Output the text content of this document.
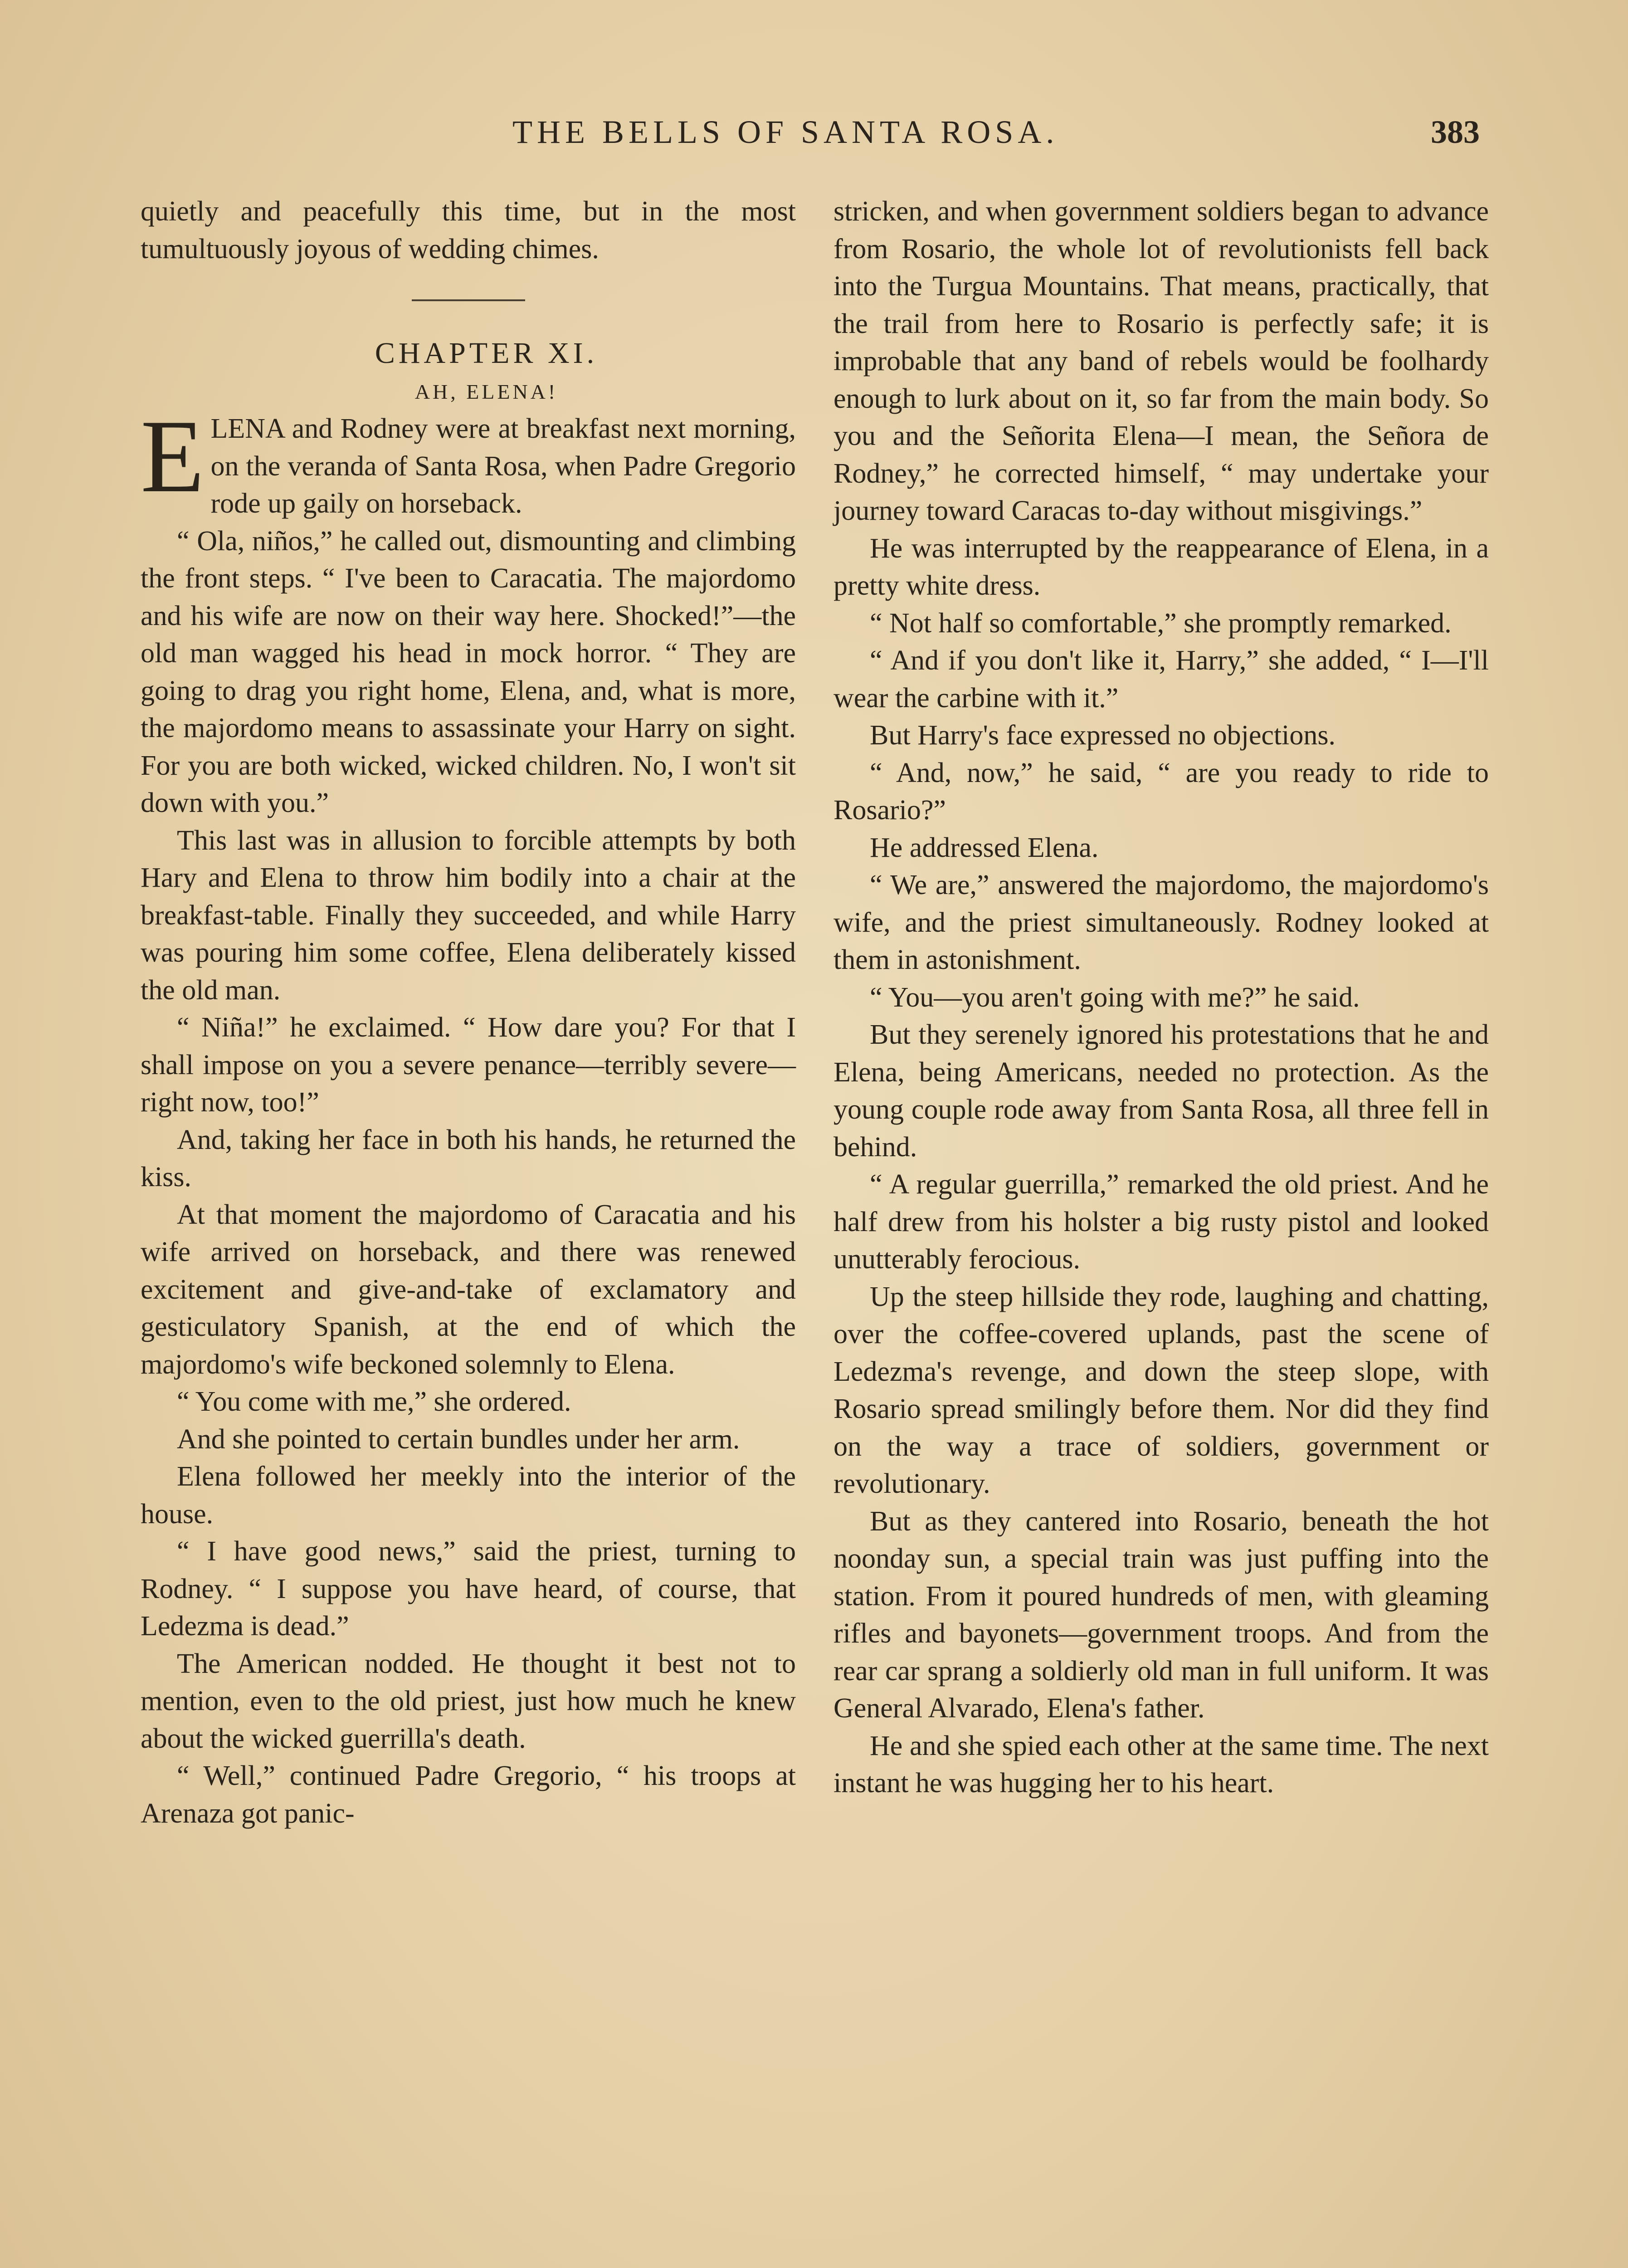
THE BELLS OF SANTA ROSA.	383

quietly and peacefully this time, but in the most tumultuously joyous of wedding chimes.

CHAPTER XI.

AH, ELENA!

ELENA and Rodney were at breakfast next morning, on the veranda of Santa Rosa, when Padre Gregorio rode up gaily on horseback.

“ Ola, niños,” he called out, dismounting and climbing the front steps. “ I've been to Caracatia. The majordomo and his wife are now on their way here. Shocked!”—the old man wagged his head in mock horror. “ They are going to drag you right home, Elena, and, what is more, the majordomo means to assassinate your Harry on sight. For you are both wicked, wicked children. No, I won't sit down with you.”

This last was in allusion to forcible attempts by both Hary and Elena to throw him bodily into a chair at the breakfast-table. Finally they succeeded, and while Harry was pouring him some coffee, Elena deliberately kissed the old man.

“ Niña!” he exclaimed. “ How dare you? For that I shall impose on you a severe penance—terribly severe—right now, too!”

And, taking her face in both his hands, he returned the kiss.

At that moment the majordomo of Caracatia and his wife arrived on horseback, and there was renewed excitement and give-and-take of exclamatory and gesticulatory Spanish, at the end of which the majordomo's wife beckoned solemnly to Elena.

“ You come with me,” she ordered.

And she pointed to certain bundles under her arm.

Elena followed her meekly into the interior of the house.

“ I have good news,” said the priest, turning to Rodney. “ I suppose you have heard, of course, that Ledezma is dead.”

The American nodded. He thought it best not to mention, even to the old priest, just how much he knew about the wicked guerrilla's death.

“ Well,” continued Padre Gregorio, “ his troops at Arenaza got panic-

stricken, and when government soldiers began to advance from Rosario, the whole lot of revolutionists fell back into the Turgua Mountains. That means, practically, that the trail from here to Rosario is perfectly safe; it is improbable that any band of rebels would be foolhardy enough to lurk about on it, so far from the main body. So you and the Señorita Elena—I mean, the Señora de Rodney,” he corrected himself, “ may undertake your journey toward Caracas to-day without misgivings.”

He was interrupted by the reappearance of Elena, in a pretty white dress.

“ Not half so comfortable,” she promptly remarked.

“ And if you don't like it, Harry,” she added, “ I—I'll wear the carbine with it.”

But Harry's face expressed no objections.

“ And, now,” he said, “ are you ready to ride to Rosario?”

He addressed Elena.

“ We are,” answered the majordomo, the majordomo's wife, and the priest simultaneously. Rodney looked at them in astonishment.

“ You—you aren't going with me?” he said.

But they serenely ignored his protestations that he and Elena, being Americans, needed no protection. As the young couple rode away from Santa Rosa, all three fell in behind.

“ A regular guerrilla,” remarked the old priest. And he half drew from his holster a big rusty pistol and looked unutterably ferocious.

Up the steep hillside they rode, laughing and chatting, over the coffee-covered uplands, past the scene of Ledezma's revenge, and down the steep slope, with Rosario spread smilingly before them. Nor did they find on the way a trace of soldiers, government or revolutionary.

But as they cantered into Rosario, beneath the hot noonday sun, a special train was just puffing into the station. From it poured hundreds of men, with gleaming rifles and bayonets—government troops. And from the rear car sprang a soldierly old man in full uniform. It was General Alvarado, Elena's father.

He and she spied each other at the same time. The next instant he was hugging her to his heart.
